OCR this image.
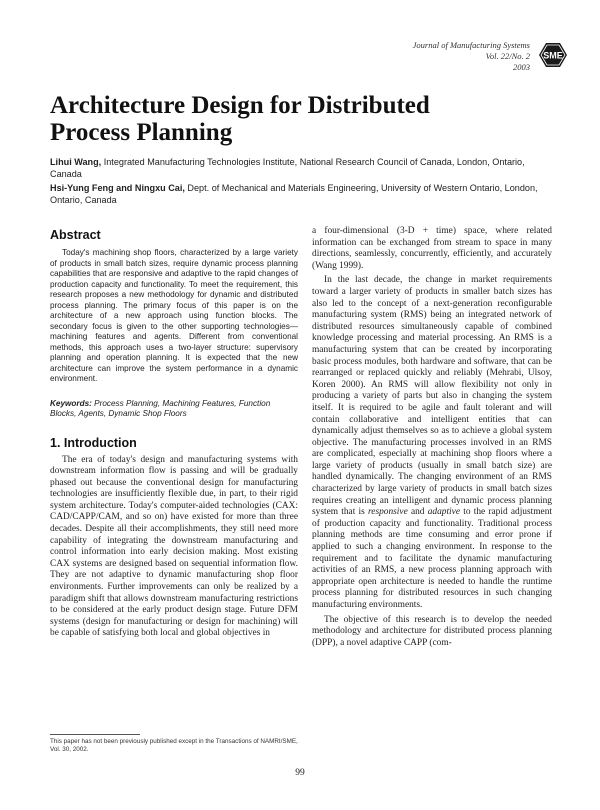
Journal of Manufacturing Systems
Vol. 22/No. 2
2003
SME
Architecture Design for Distributed Process Planning

Lihui Wang, Integrated Manufacturing Technologies Institute, National Research Council of Canada, London, Ontario, Canada

Hsi-Yung Feng and Ningxu Cai, Dept. of Mechanical and Materials Engineering, University of Western Ontario, London, Ontario, Canada

Abstract

Today's machining shop floors, characterized by a large variety of products in small batch sizes, require dynamic process planning capabilities that are responsive and adaptive to the rapid changes of production capacity and functionality. To meet the requirement, this research proposes a new methodology for dynamic and distributed process planning. The primary focus of this paper is on the architecture of a new approach using function blocks. The secondary focus is given to the other supporting technologies—machining features and agents. Different from conventional methods, this approach uses a two-layer structure: supervisory planning and operation planning. It is expected that the new architecture can improve the system performance in a dynamic environment.

Keywords: Process Planning, Machining Features, Function Blocks, Agents, Dynamic Shop Floors

1. Introduction

The era of today's design and manufacturing systems with downstream information flow is passing and will be gradually phased out because the conventional design for manufacturing technologies are insufficiently flexible due, in part, to their rigid system architecture. Today's computer-aided technologies (CAX: CAD/CAPP/CAM, and so on) have existed for more than three decades. Despite all their accomplishments, they still need more capability of integrating the downstream manufacturing and control information into early decision making. Most existing CAX systems are designed based on sequential information flow. They are not adaptive to dynamic manufacturing shop floor environments. Further improvements can only be realized by a paradigm shift that allows downstream manufacturing restrictions to be considered at the early product design stage. Future DFM systems (design for manufacturing or design for machining) will be capable of satisfying both local and global objectives in

a four-dimensional (3-D + time) space, where related information can be exchanged from stream to space in many directions, seamlessly, concurrently, efficiently, and accurately (Wang 1999).

In the last decade, the change in market requirements toward a larger variety of products in smaller batch sizes has also led to the concept of a next-generation reconfigurable manufacturing system (RMS) being an integrated network of distributed resources simultaneously capable of combined knowledge processing and material processing. An RMS is a manufacturing system that can be created by incorporating basic process modules, both hardware and software, that can be rearranged or replaced quickly and reliably (Mehrabi, Ulsoy, Koren 2000). An RMS will allow flexibility not only in producing a variety of parts but also in changing the system itself. It is required to be agile and fault tolerant and will contain collaborative and intelligent entities that can dynamically adjust themselves so as to achieve a global system objective. The manufacturing processes involved in an RMS are complicated, especially at machining shop floors where a large variety of products (usually in small batch size) are handled dynamically. The changing environment of an RMS characterized by large variety of products in small batch sizes requires creating an intelligent and dynamic process planning system that is responsive and adaptive to the rapid adjustment of production capacity and functionality. Traditional process planning methods are time consuming and error prone if applied to such a changing environment. In response to the requirement and to facilitate the dynamic manufacturing activities of an RMS, a new process planning approach with appropriate open architecture is needed to handle the runtime process planning for distributed resources in such changing manufacturing environments.

The objective of this research is to develop the needed methodology and architecture for distributed process planning (DPP), a novel adaptive CAPP (com-

This paper has not been previously published except in the Transactions of NAMRI/SME, Vol. 30, 2002.
99
